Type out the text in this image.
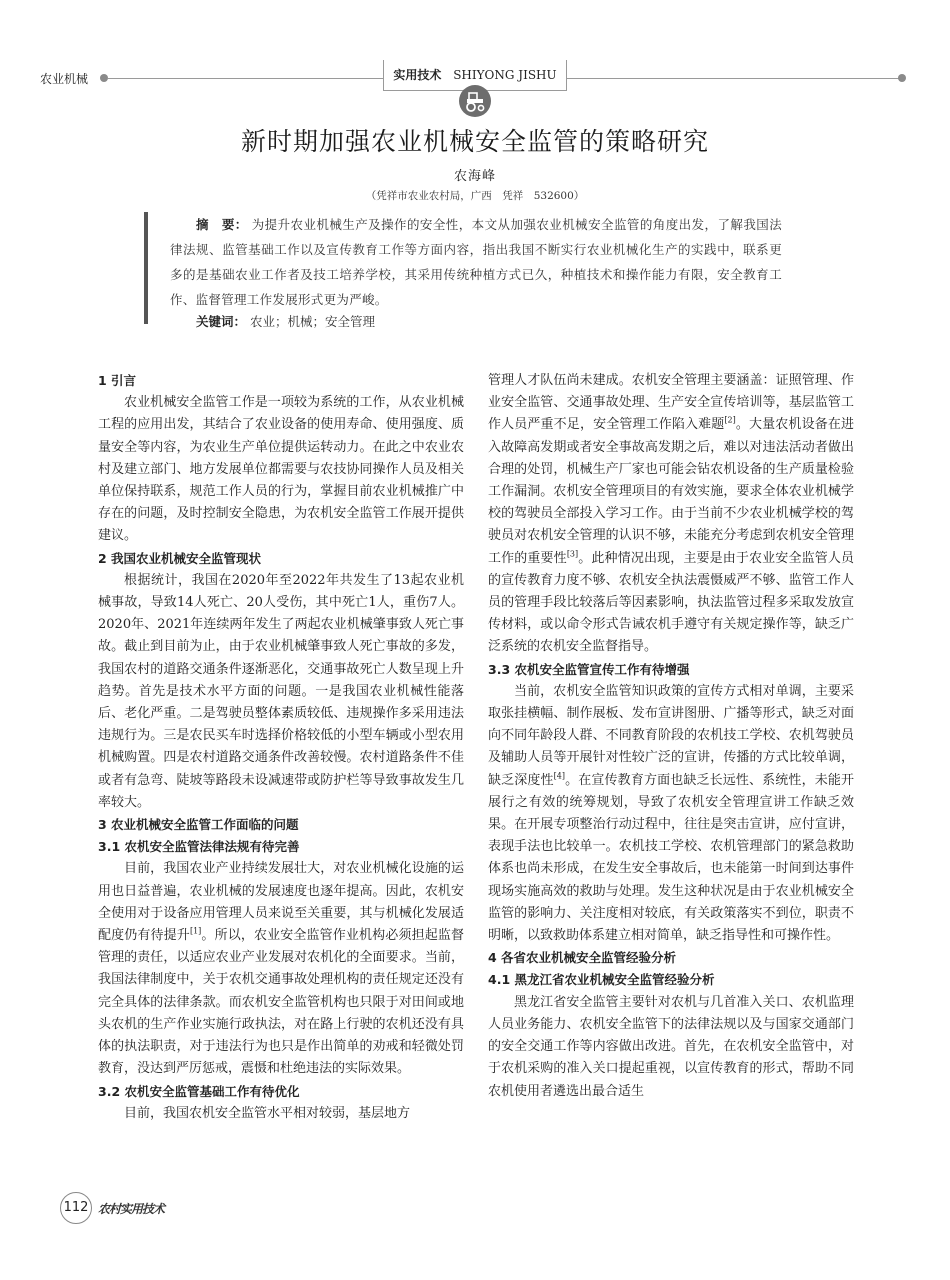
农业机械	实用技术 SHIYONG JISHU
新时期加强农业机械安全监管的策略研究
农海峰
（凭祥市农业农村局，广西　凭祥　532600）
摘　要： 为提升农业机械生产及操作的安全性，本文从加强农业机械安全监管的角度出发，了解我国法律法规、监管基础工作以及宣传教育工作等方面内容，指出我国不断实行农业机械化生产的实践中，联系更多的是基础农业工作者及技工培养学校，其采用传统种植方式已久，种植技术和操作能力有限，安全教育工作、监督管理工作发展形式更为严峻。
关键词： 农业；机械；安全管理
1 引言

农业机械安全监管工作是一项较为系统的工作，从农业机械工程的应用出发，其结合了农业设备的使用寿命、使用强度、质量安全等内容，为农业生产单位提供运转动力。在此之中农业农村及建立部门、地方发展单位都需要与农技协同操作人员及相关单位保持联系，规范工作人员的行为，掌握目前农业机械推广中存在的问题，及时控制安全隐患，为农机安全监管工作展开提供建议。

2 我国农业机械安全监管现状

根据统计，我国在2020年至2022年共发生了13起农业机械事故，导致14人死亡、20人受伤，其中死亡1人，重伤7人。2020年、2021年连续两年发生了两起农业机械肇事致人死亡事故。截止到目前为止，由于农业机械肇事致人死亡事故的多发，我国农村的道路交通条件逐渐恶化，交通事故死亡人数呈现上升趋势。首先是技术水平方面的问题。一是我国农业机械性能落后、老化严重。二是驾驶员整体素质较低、违规操作多采用违法违规行为。三是农民买车时选择价格较低的小型车辆或小型农用机械购置。四是农村道路交通条件改善较慢。农村道路条件不佳或者有急弯、陡坡等路段未设减速带或防护栏等导致事故发生几率较大。

3 农业机械安全监管工作面临的问题
3.1 农机安全监管法律法规有待完善

目前，我国农业产业持续发展壮大，对农业机械化设施的运用也日益普遍，农业机械的发展速度也逐年提高。因此，农机安全使用对于设备应用管理人员来说至关重要，其与机械化发展适配度仍有待提升[1]。所以，农业安全监管作业机构必须担起监督管理的责任，以适应农业产业发展对农机化的全面要求。当前，我国法律制度中，关于农机交通事故处理机构的责任规定还没有完全具体的法律条款。而农机安全监管机构也只限于对田间或地头农机的生产作业实施行政执法，对在路上行驶的农机还没有具体的执法职责，对于违法行为也只是作出简单的劝戒和轻微处罚教育，没达到严厉惩戒，震慑和杜绝违法的实际效果。

3.2 农机安全监管基础工作有待优化

目前，我国农机安全监管水平相对较弱，基层地方

管理人才队伍尚未建成。农机安全管理主要涵盖：证照管理、作业安全监管、交通事故处理、生产安全宣传培训等，基层监管工作人员严重不足，安全管理工作陷入难题[2]。大量农机设备在进入故障高发期或者安全事故高发期之后，难以对违法活动者做出合理的处罚，机械生产厂家也可能会钻农机设备的生产质量检验工作漏洞。农机安全管理项目的有效实施，要求全体农业机械学校的驾驶员全部投入学习工作。由于当前不少农业机械学校的驾驶员对农机安全管理的认识不够，未能充分考虑到农机安全管理工作的重要性[3]。此种情况出现，主要是由于农业安全监管人员的宣传教育力度不够、农机安全执法震慑威严不够、监管工作人员的管理手段比较落后等因素影响，执法监管过程多采取发放宣传材料，或以命令形式告诫农机手遵守有关规定操作等，缺乏广泛系统的农机安全监督指导。

3.3 农机安全监管宣传工作有待增强

当前，农机安全监管知识政策的宣传方式相对单调，主要采取张挂横幅、制作展板、发布宣讲图册、广播等形式，缺乏对面向不同年龄段人群、不同教育阶段的农机技工学校、农机驾驶员及辅助人员等开展针对性较广泛的宣讲，传播的方式比较单调，缺乏深度性[4]。在宣传教育方面也缺乏长远性、系统性，未能开展行之有效的统筹规划，导致了农机安全管理宣讲工作缺乏效果。在开展专项整治行动过程中，往往是突击宣讲，应付宣讲，表现手法也比较单一。农机技工学校、农机管理部门的紧急救助体系也尚未形成，在发生安全事故后，也未能第一时间到达事件现场实施高效的救助与处理。发生这种状况是由于农业机械安全监管的影响力、关注度相对较底，有关政策落实不到位，职责不明晰，以致救助体系建立相对简单，缺乏指导性和可操作性。

4 各省农业机械安全监管经验分析
4.1 黑龙江省农业机械安全监管经验分析

黑龙江省安全监管主要针对农机与几首准入关口、农机监理人员业务能力、农机安全监管下的法律法规以及与国家交通部门的安全交通工作等内容做出改进。首先，在农机安全监管中，对于农机采购的准入关口提起重视，以宣传教育的形式，帮助不同农机使用者遴选出最合适生

112 农村实用技术
